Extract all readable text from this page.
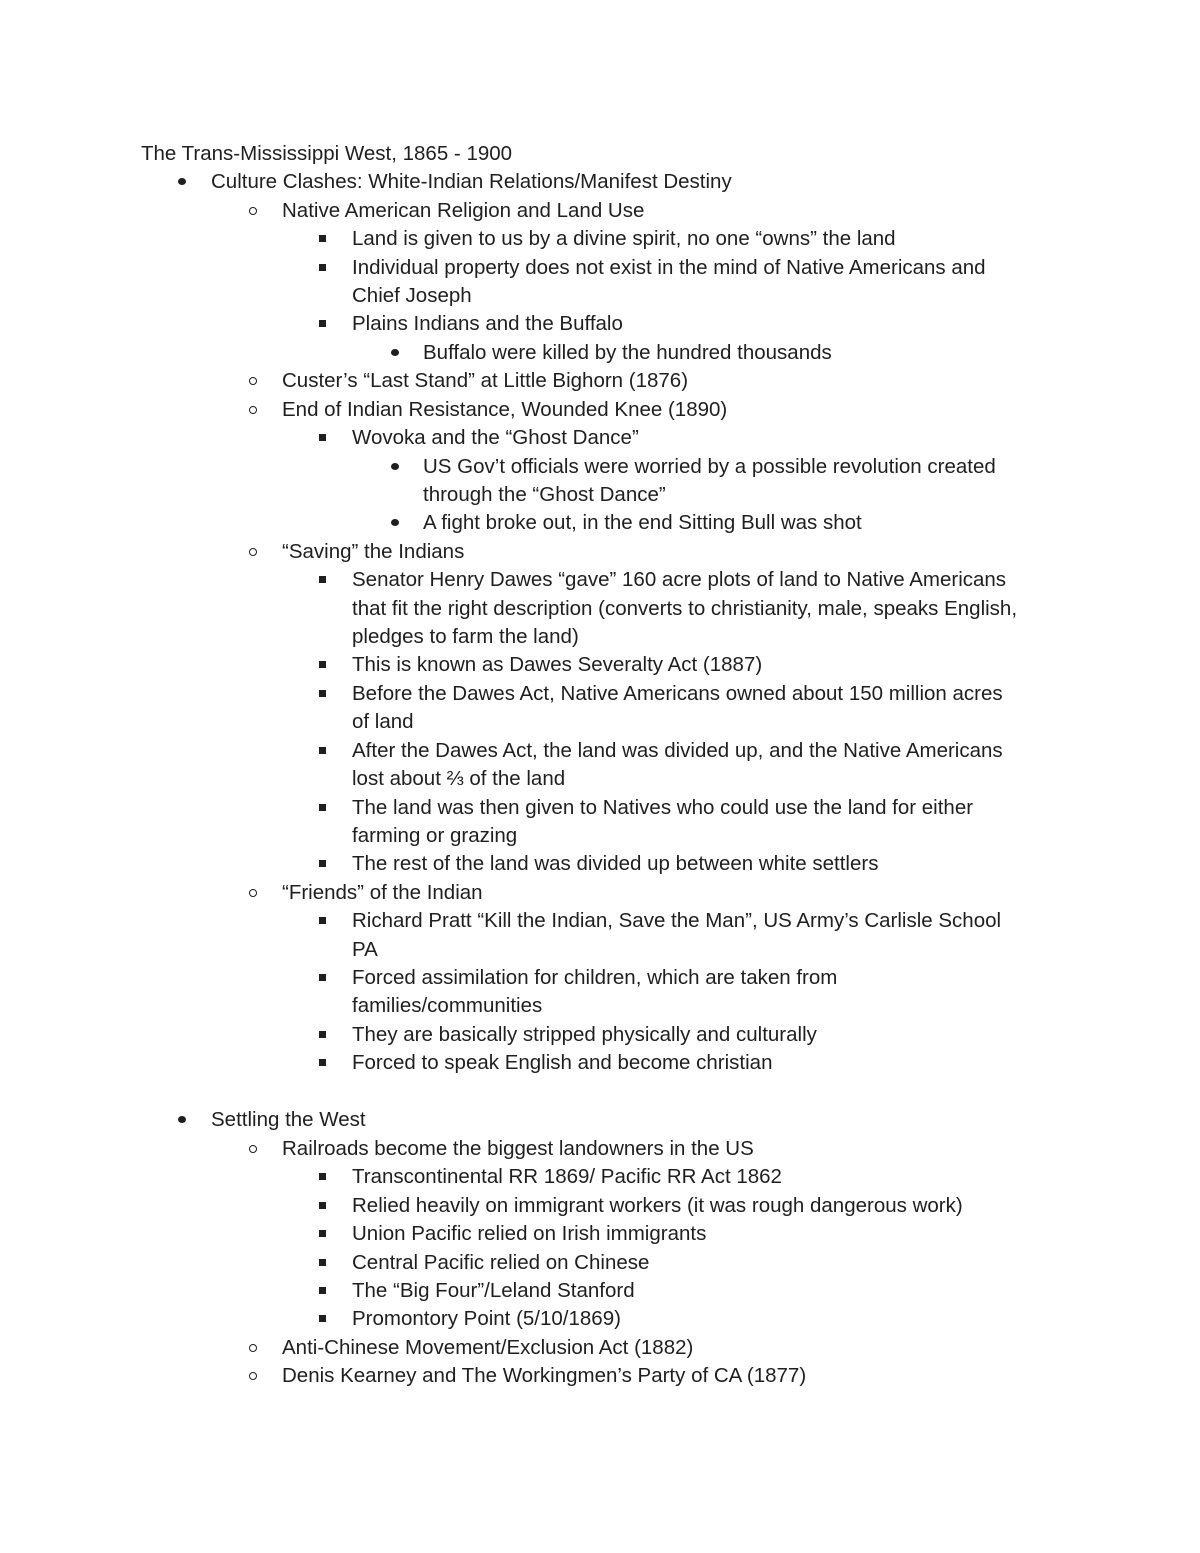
The Trans-Mississippi West, 1865 - 1900
Culture Clashes: White-Indian Relations/Manifest Destiny
Native American Religion and Land Use
Land is given to us by a divine spirit, no one “owns” the land
Individual property does not exist in the mind of Native Americans and
Chief Joseph
Plains Indians and the Buffalo
Buffalo were killed by the hundred thousands
Custer’s “Last Stand” at Little Bighorn (1876)
End of Indian Resistance, Wounded Knee (1890)
Wovoka and the “Ghost Dance”
US Gov’t officials were worried by a possible revolution created
through the “Ghost Dance”
A fight broke out, in the end Sitting Bull was shot
“Saving” the Indians
Senator Henry Dawes “gave” 160 acre plots of land to Native Americans
that fit the right description (converts to christianity, male, speaks English,
pledges to farm the land)
This is known as Dawes Severalty Act (1887)
Before the Dawes Act, Native Americans owned about 150 million acres
of land
After the Dawes Act, the land was divided up, and the Native Americans
lost about ⅔ of the land
The land was then given to Natives who could use the land for either
farming or grazing
The rest of the land was divided up between white settlers
“Friends” of the Indian
Richard Pratt “Kill the Indian, Save the Man”, US Army’s Carlisle School
PA
Forced assimilation for children, which are taken from
families/communities
They are basically stripped physically and culturally
Forced to speak English and become christian
Settling the West
Railroads become the biggest landowners in the US
Transcontinental RR 1869/ Pacific RR Act 1862
Relied heavily on immigrant workers (it was rough dangerous work)
Union Pacific relied on Irish immigrants
Central Pacific relied on Chinese
The “Big Four”/Leland Stanford
Promontory Point (5/10/1869)
Anti-Chinese Movement/Exclusion Act (1882)
Denis Kearney and The Workingmen’s Party of CA (1877)
